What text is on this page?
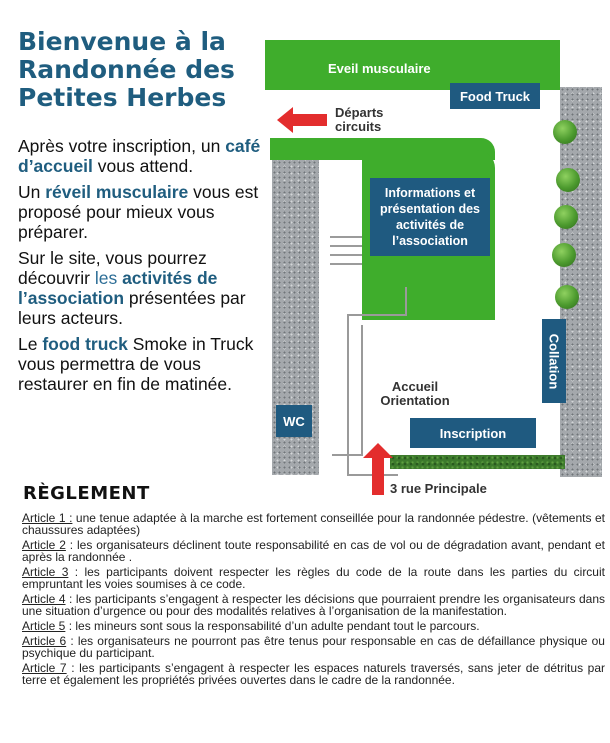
Bienvenue à la Randonnée des Petites Herbes

Après votre inscription, un café d’accueil vous attend.

Un réveil musculaire vous est proposé pour mieux vous préparer.

Sur le site, vous pourrez découvrir les activités de l’association présentées par leurs acteurs.

Le food truck Smoke in Truck vous permettra de vous restaurer en fin de matinée.

Eveil musculaire
Food Truck
Départs circuits
Informations et présentation des activités de l’association
Collation
Accueil Orientation
WC
Inscription
3 rue Principale
RÈGLEMENT
Article 1 : une tenue adaptée à la marche est fortement conseillée pour la randonnée pédestre. (vêtements et chaussures adaptées)
Article 2 : les organisateurs déclinent toute responsabilité en cas de vol ou de dégradation avant, pendant et après la randonnée .
Article 3 : les participants doivent respecter les règles du code de la route dans les parties du circuit empruntant les voies soumises à ce code.
Article 4 : les participants s’engagent à respecter les décisions que pourraient prendre les organisateurs dans une situation d’urgence ou pour des modalités relatives à l’organisation de la manifestation.
Article 5 : les mineurs sont sous la responsabilité d’un adulte pendant tout le parcours.
Article 6 : les organisateurs ne pourront pas être tenus pour responsable en cas de défaillance physique ou psychique du participant.
Article 7 : les participants s’engagent à respecter les espaces naturels traversés, sans jeter de détritus par terre et également les propriétés privées ouvertes dans le cadre de la randonnée.
